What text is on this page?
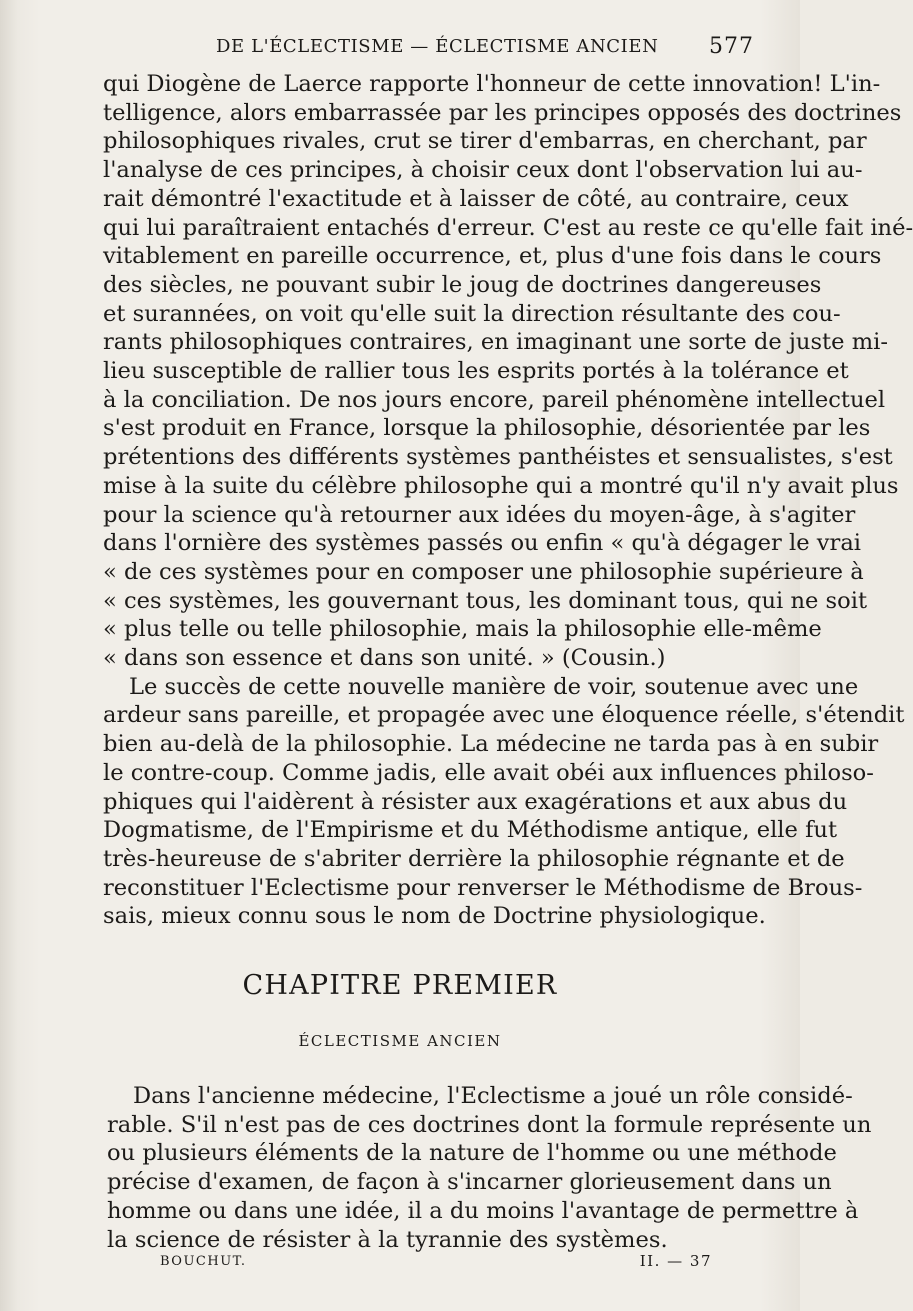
DE L'ÉCLECTISME — ÉCLECTISME ANCIEN 577

qui Diogène de Laerce rapporte l'honneur de cette innovation! L'in-
telligence, alors embarrassée par les principes opposés des doctrines
philosophiques rivales, crut se tirer d'embarras, en cherchant, par
l'analyse de ces principes, à choisir ceux dont l'observation lui au-
rait démontré l'exactitude et à laisser de côté, au contraire, ceux
qui lui paraîtraient entachés d'erreur. C'est au reste ce qu'elle fait iné-
vitablement en pareille occurrence, et, plus d'une fois dans le cours
des siècles, ne pouvant subir le joug de doctrines dangereuses
et surannées, on voit qu'elle suit la direction résultante des cou-
rants philosophiques contraires, en imaginant une sorte de juste mi-
lieu susceptible de rallier tous les esprits portés à la tolérance et
à la conciliation. De nos jours encore, pareil phénomène intellectuel
s'est produit en France, lorsque la philosophie, désorientée par les
prétentions des différents systèmes panthéistes et sensualistes, s'est
mise à la suite du célèbre philosophe qui a montré qu'il n'y avait plus
pour la science qu'à retourner aux idées du moyen-âge, à s'agiter
dans l'ornière des systèmes passés ou enfin « qu'à dégager le vrai
« de ces systèmes pour en composer une philosophie supérieure à
« ces systèmes, les gouvernant tous, les dominant tous, qui ne soit
« plus telle ou telle philosophie, mais la philosophie elle-même
« dans son essence et dans son unité. » (Cousin.)

Le succès de cette nouvelle manière de voir, soutenue avec une
ardeur sans pareille, et propagée avec une éloquence réelle, s'étendit
bien au-delà de la philosophie. La médecine ne tarda pas à en subir
le contre-coup. Comme jadis, elle avait obéi aux influences philoso-
phiques qui l'aidèrent à résister aux exagérations et aux abus du
Dogmatisme, de l'Empirisme et du Méthodisme antique, elle fut
très-heureuse de s'abriter derrière la philosophie régnante et de
reconstituer l'Eclectisme pour renverser le Méthodisme de Brous-
sais, mieux connu sous le nom de Doctrine physiologique.

CHAPITRE PREMIER
ÉCLECTISME ANCIEN

Dans l'ancienne médecine, l'Eclectisme a joué un rôle considé-
rable. S'il n'est pas de ces doctrines dont la formule représente un
ou plusieurs éléments de la nature de l'homme ou une méthode
précise d'examen, de façon à s'incarner glorieusement dans un
homme ou dans une idée, il a du moins l'avantage de permettre à
la science de résister à la tyrannie des systèmes.

BOUCHUT.	II. — 37
